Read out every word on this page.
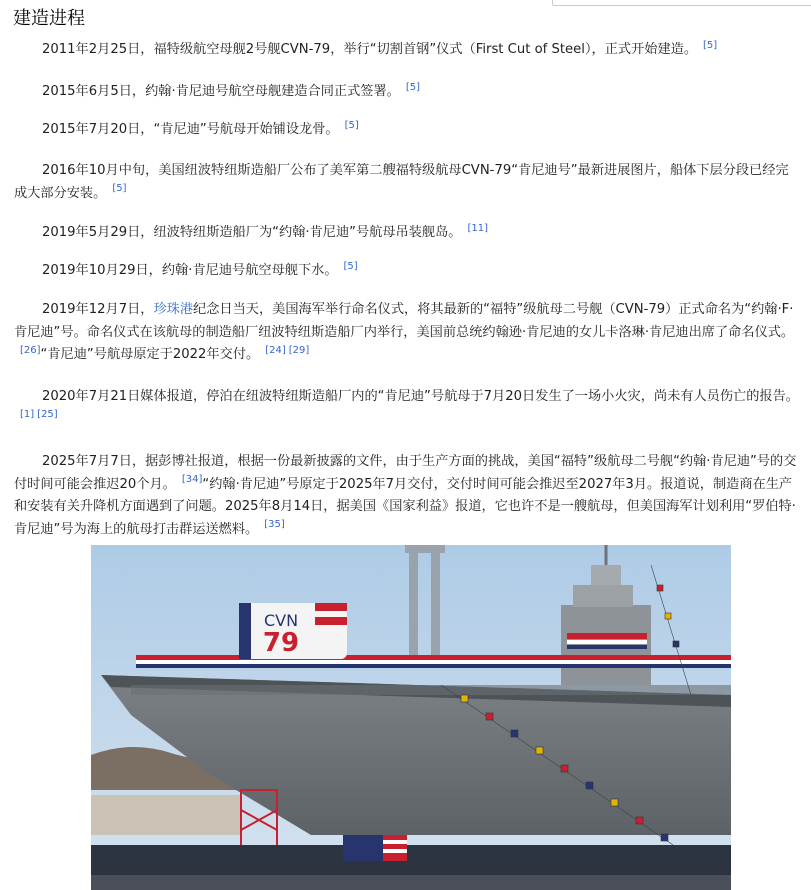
建造进程

2011年2月25日，福特级航空母舰2号舰CVN-79，举行“切割首钢”仪式（First Cut of Steel），正式开始建造。 [5]

2015年6月5日，约翰·肯尼迪号航空母舰建造合同正式签署。 [5]

2015年7月20日，“肯尼迪”号航母开始铺设龙骨。 [5]

2016年10月中旬，美国纽波特纽斯造船厂公布了美军第二艘福特级航母CVN-79“肯尼迪号”最新进展图片，船体下层分段已经完成大部分安装。 [5]

2019年5月29日，纽波特纽斯造船厂为“约翰·肯尼迪”号航母吊装舰岛。 [11]

2019年10月29日，约翰·肯尼迪号航空母舰下水。 [5]

2019年12月7日，珍珠港纪念日当天，美国海军举行命名仪式，将其最新的“福特”级航母二号舰（CVN-79）正式命名为“约翰·F·肯尼迪”号。命名仪式在该航母的制造船厂纽波特纽斯造船厂内举行，美国前总统约翰逊·肯尼迪的女儿卡洛琳·肯尼迪出席了命名仪式。[26]“肯尼迪”号航母原定于2022年交付。 [24] [29]

2020年7月21日媒体报道，停泊在纽波特纽斯造船厂内的“肯尼迪”号航母于7月20日发生了一场小火灾，尚未有人员伤亡的报告。[1] [25]

2025年7月7日，据彭博社报道，根据一份最新披露的文件，由于生产方面的挑战，美国“福特”级航母二号舰“约翰·肯尼迪”号的交付时间可能会推迟20个月。 [34]“约翰·肯尼迪”号原定于2025年7月交付，交付时间可能会推迟至2027年3月。报道说，制造商在生产和安装有关升降机方面遇到了问题。2025年8月14日，据美国《国家利益》报道，它也许不是一艘航母，但美国海军计划利用“罗伯特·肯尼迪”号为海上的航母打击群运送燃料。 [35]

CVN
79
